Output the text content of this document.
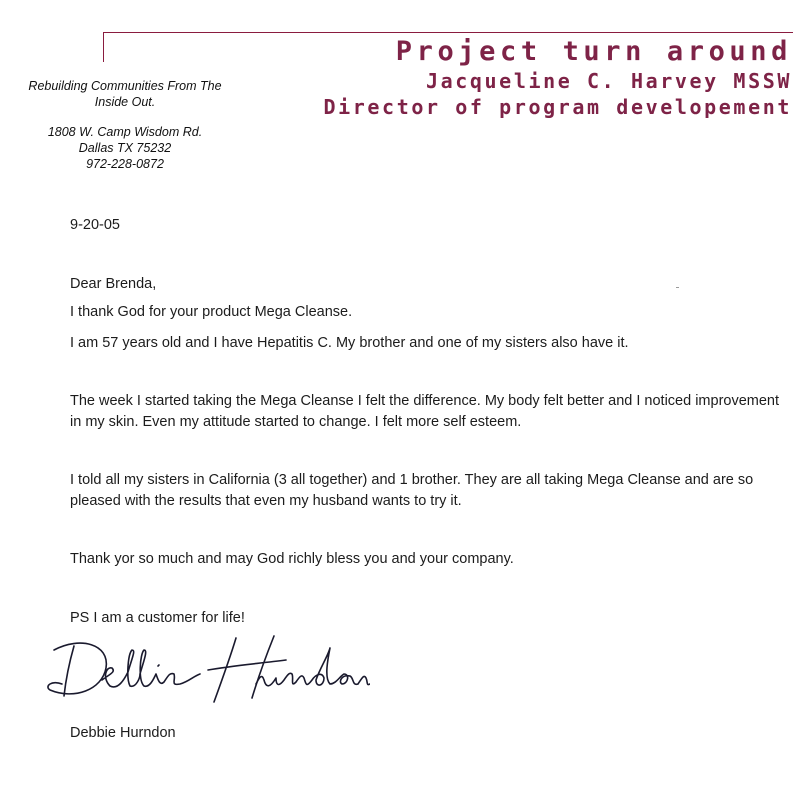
Project turn around
Jacqueline C. Harvey MSSW
Director of program developement
Rebuilding Communities From The
Inside Out.
1808 W. Camp Wisdom Rd.
Dallas TX 75232
972-228-0872
9-20-05
Dear Brenda,
I thank God for your product Mega Cleanse.
I am 57 years old and I have Hepatitis C. My brother and one of my sisters also have it.
The week I started taking the Mega Cleanse I felt the difference. My body felt better and I noticed improvement in my skin. Even my attitude started to change. I felt more self esteem.
I told all my sisters in California (3 all together) and 1 brother. They are all taking Mega Cleanse and are so pleased with the results that even my husband wants to try it.
Thank yor so much and may God richly bless you and your company.
PS I am a customer for life!
Debbie Hurndon
